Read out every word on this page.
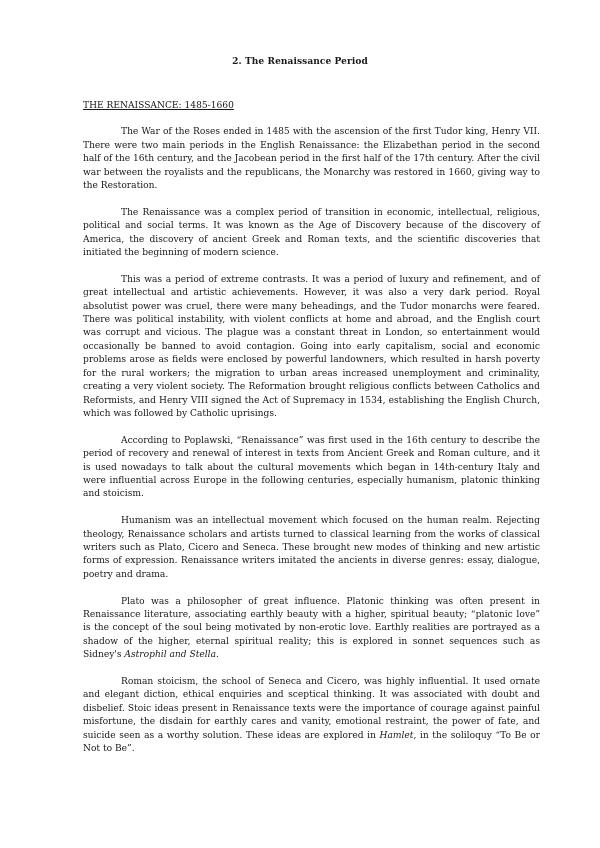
2. The Renaissance Period
THE RENAISSANCE: 1485-1660

The War of the Roses ended in 1485 with the ascension of the first Tudor king, Henry VII. There were two main periods in the English Renaissance: the Elizabethan period in the second half of the 16th century, and the Jacobean period in the first half of the 17th century. After the civil war between the royalists and the republicans, the Monarchy was restored in 1660, giving way to the Restoration.

The Renaissance was a complex period of transition in economic, intellectual, religious, political and social terms. It was known as the Age of Discovery because of the discovery of America, the discovery of ancient Greek and Roman texts, and the scientific discoveries that initiated the beginning of modern science.

This was a period of extreme contrasts. It was a period of luxury and refinement, and of great intellectual and artistic achievements. However, it was also a very dark period. Royal absolutist power was cruel, there were many beheadings, and the Tudor monarchs were feared. There was political instability, with violent conflicts at home and abroad, and the English court was corrupt and vicious. The plague was a constant threat in London, so entertainment would occasionally be banned to avoid contagion. Going into early capitalism, social and economic problems arose as fields were enclosed by powerful landowners, which resulted in harsh poverty for the rural workers; the migration to urban areas increased unemployment and criminality, creating a very violent society. The Reformation brought religious conflicts between Catholics and Reformists, and Henry VIII signed the Act of Supremacy in 1534, establishing the English Church, which was followed by Catholic uprisings.

According to Poplawski, “Renaissance” was first used in the 16th century to describe the period of recovery and renewal of interest in texts from Ancient Greek and Roman culture, and it is used nowadays to talk about the cultural movements which began in 14th-century Italy and were influential across Europe in the following centuries, especially humanism, platonic thinking and stoicism.

Humanism was an intellectual movement which focused on the human realm. Rejecting theology, Renaissance scholars and artists turned to classical learning from the works of classical writers such as Plato, Cicero and Seneca. These brought new modes of thinking and new artistic forms of expression. Renaissance writers imitated the ancients in diverse genres: essay, dialogue, poetry and drama.

Plato was a philosopher of great influence. Platonic thinking was often present in Renaissance literature, associating earthly beauty with a higher, spiritual beauty; “platonic love” is the concept of the soul being motivated by non-erotic love. Earthly realities are portrayed as a shadow of the higher, eternal spiritual reality; this is explored in sonnet sequences such as Sidney's Astrophil and Stella.

Roman stoicism, the school of Seneca and Cicero, was highly influential. It used ornate and elegant diction, ethical enquiries and sceptical thinking. It was associated with doubt and disbelief. Stoic ideas present in Renaissance texts were the importance of courage against painful misfortune, the disdain for earthly cares and vanity, emotional restraint, the power of fate, and suicide seen as a worthy solution. These ideas are explored in Hamlet, in the soliloquy “To Be or Not to Be”.
